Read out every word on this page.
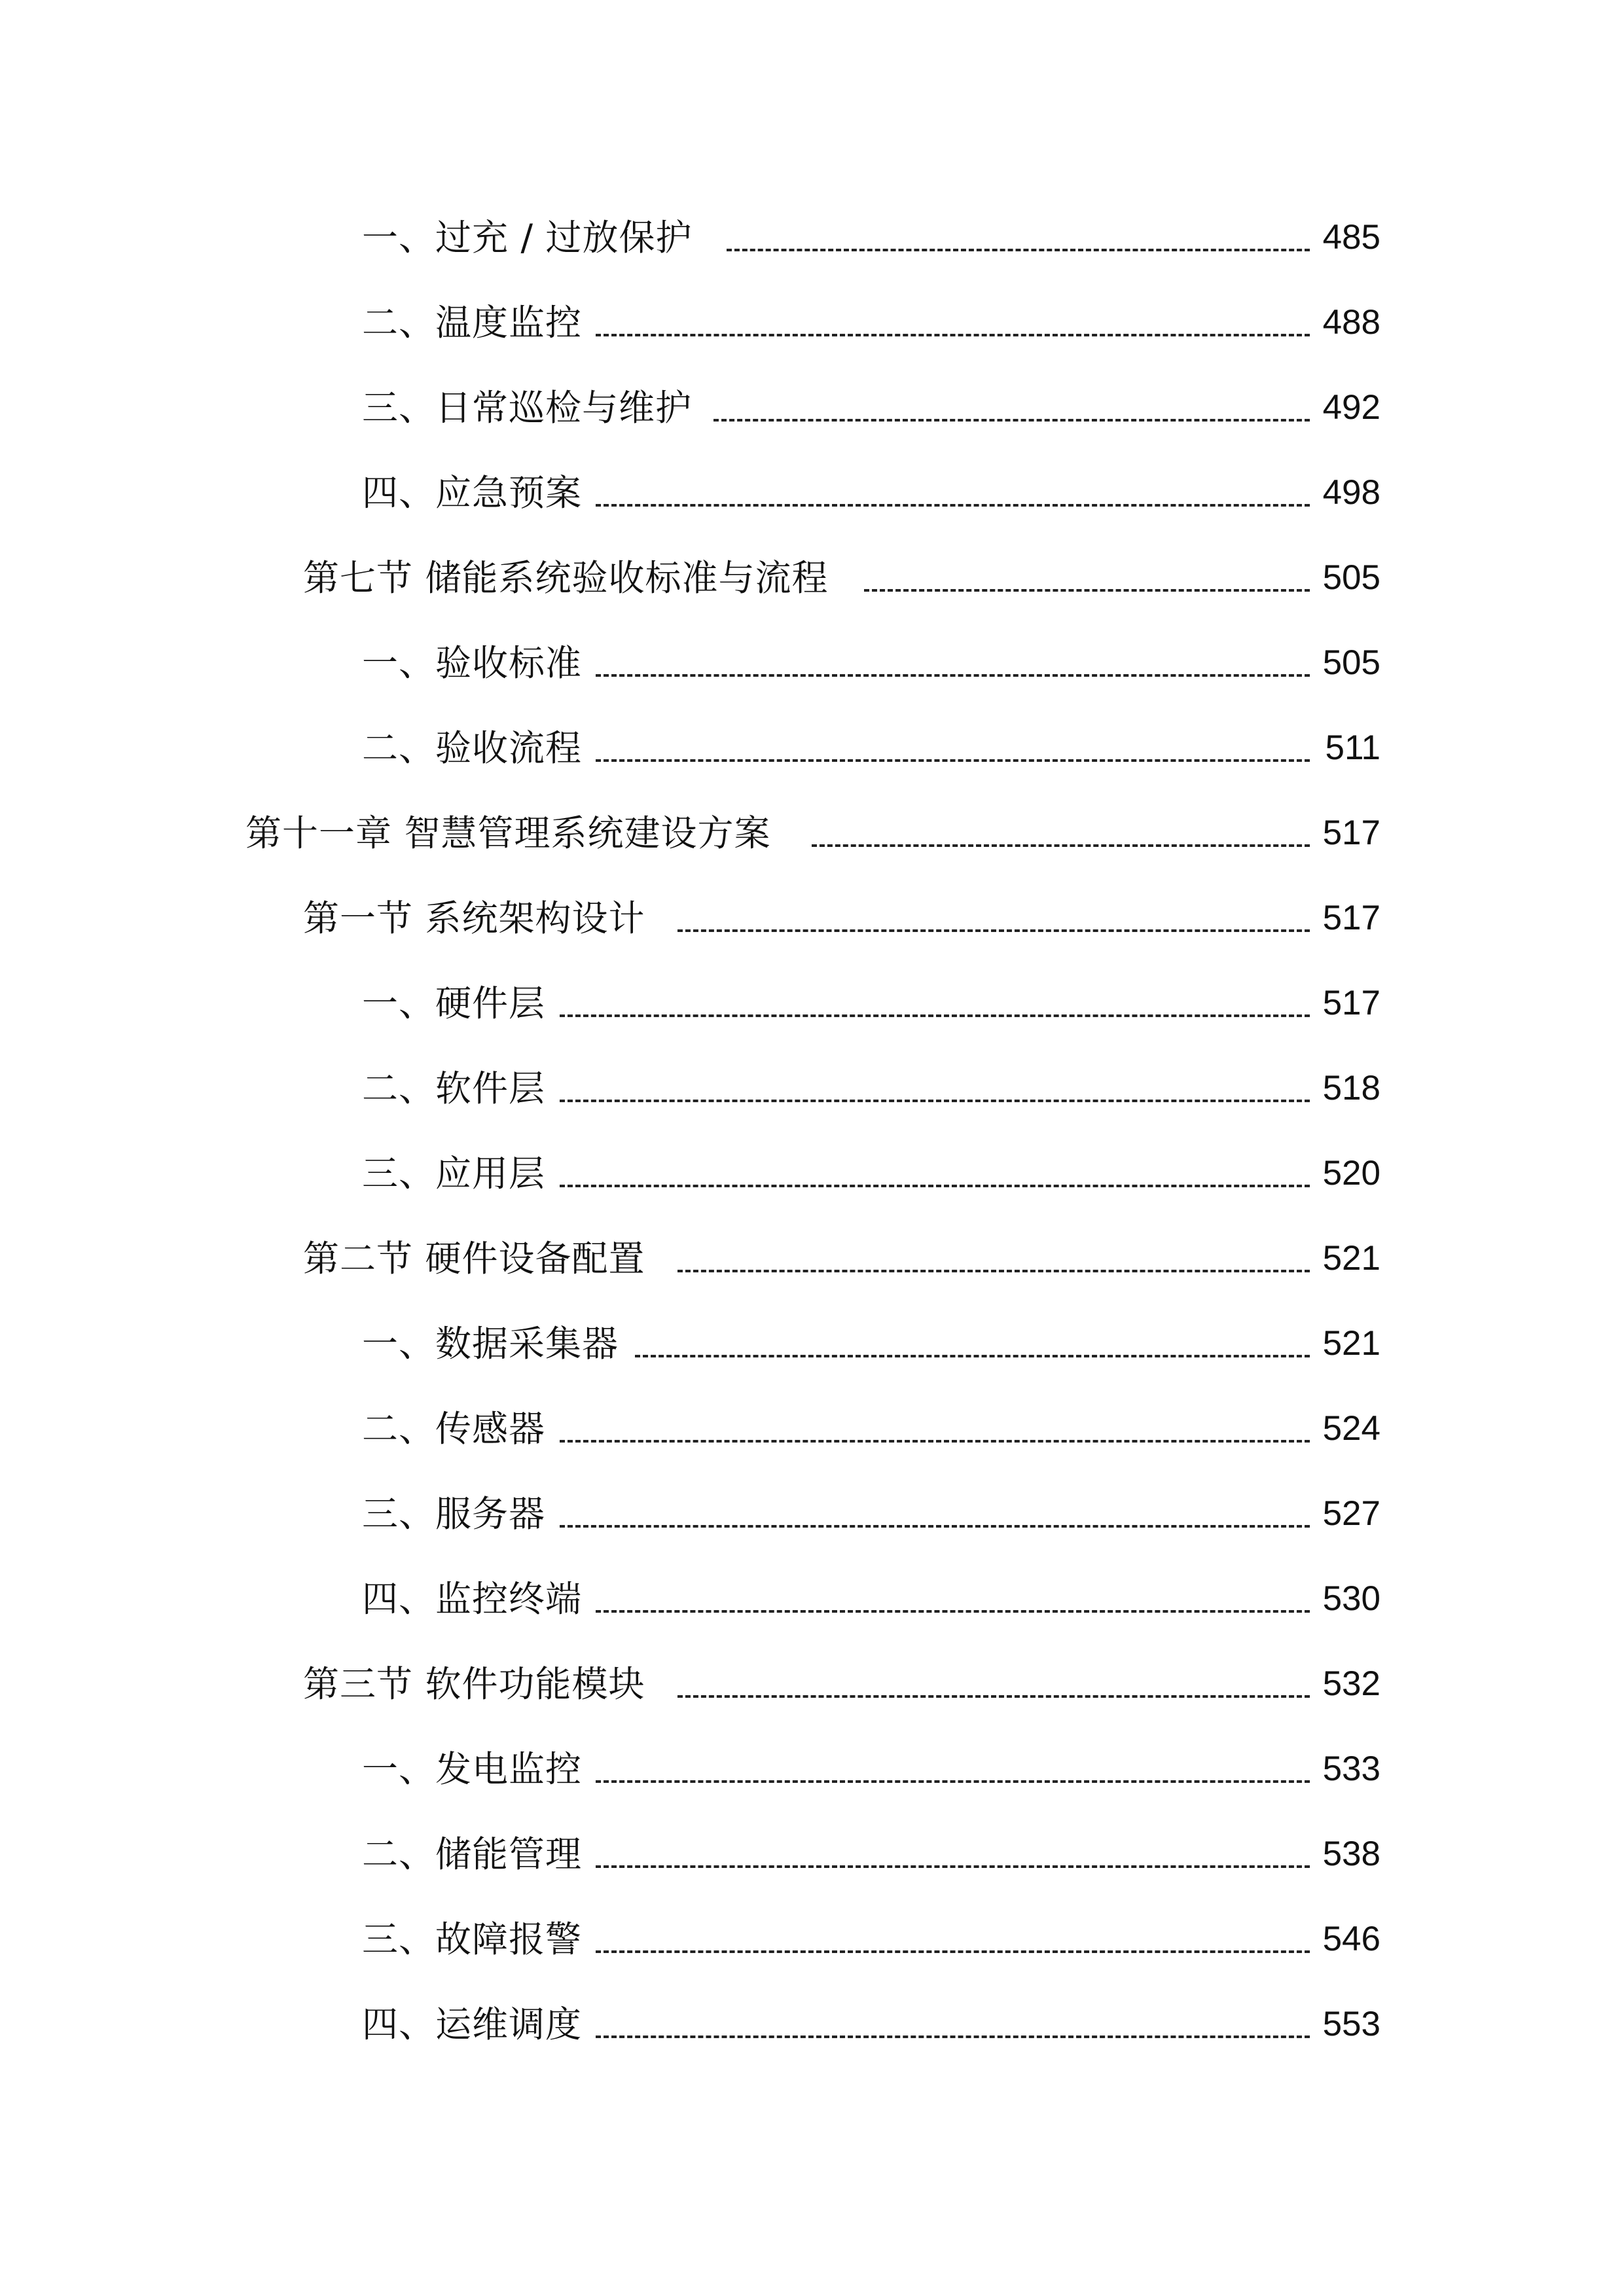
一、过充 / 过放保护	485
二、温度监控	488
三、日常巡检与维护	492
四、应急预案	498
第七节 储能系统验收标准与流程	505
一、验收标准	505
二、验收流程	511
第十一章 智慧管理系统建设方案	517
第一节 系统架构设计	517
一、硬件层	517
二、软件层	518
三、应用层	520
第二节 硬件设备配置	521
一、数据采集器	521
二、传感器	524
三、服务器	527
四、监控终端	530
第三节 软件功能模块	532
一、发电监控	533
二、储能管理	538
三、故障报警	546
四、运维调度	553
